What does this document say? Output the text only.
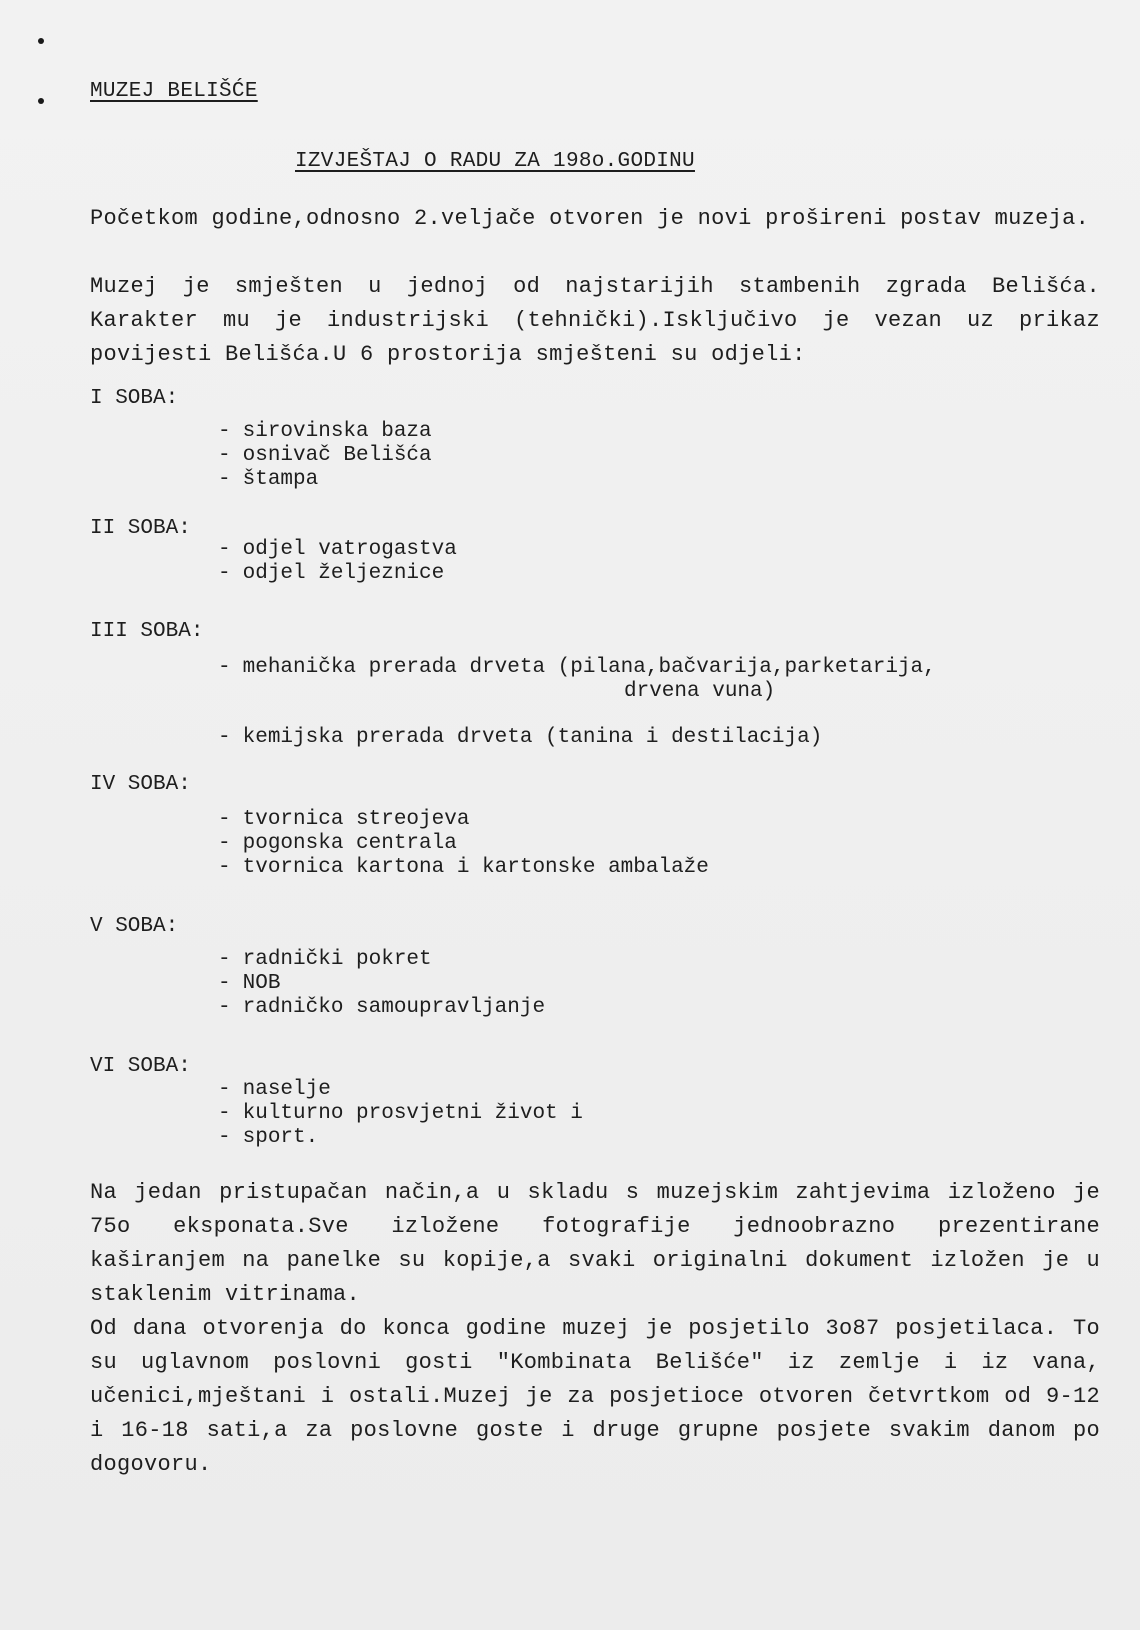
MUZEJ BELIŠĆE
IZVJEŠTAJ O RADU ZA 198o.GODINU
Početkom godine,odnosno 2.veljače otvoren je novi prošireni postav muzeja.
Muzej je smješten u jednoj od najstarijih stambenih zgrada Belišća. Karakter mu je industrijski (tehnički).Isključivo je vezan uz prikaz povijesti Belišća.U 6 prostorija smješteni su odjeli:
I SOBA:
- sirovinska baza
- osnivač Belišća
- štampa
II SOBA:
- odjel vatrogastva
- odjel željeznice
III SOBA:
- mehanička prerada drveta (pilana,bačvarija,parketarija,
drvena vuna)
- kemijska prerada drveta (tanina i destilacija)
IV SOBA:
- tvornica streojeva
- pogonska centrala
- tvornica kartona i kartonske ambalaže
V SOBA:
- radnički pokret
- NOB
- radničko samoupravljanje
VI SOBA:
- naselje
- kulturno prosvjetni život i
- sport.
Na jedan pristupačan način,a u skladu s muzejskim zahtjevima izloženo je 75o eksponata.Sve izložene fotografije jednoobrazno prezentirane kaširanjem na panelke su kopije,a svaki originalni dokument izložen je u staklenim vitrinama.
Od dana otvorenja do konca godine muzej je posjetilo 3o87 posjetilaca. To su uglavnom poslovni gosti "Kombinata Belišće" iz zemlje i iz vana, učenici,mještani i ostali.Muzej je za posjetioce otvoren četvrtkom od 9-12 i 16-18 sati,a za poslovne goste i druge grupne posjete svakim danom po dogovoru.
